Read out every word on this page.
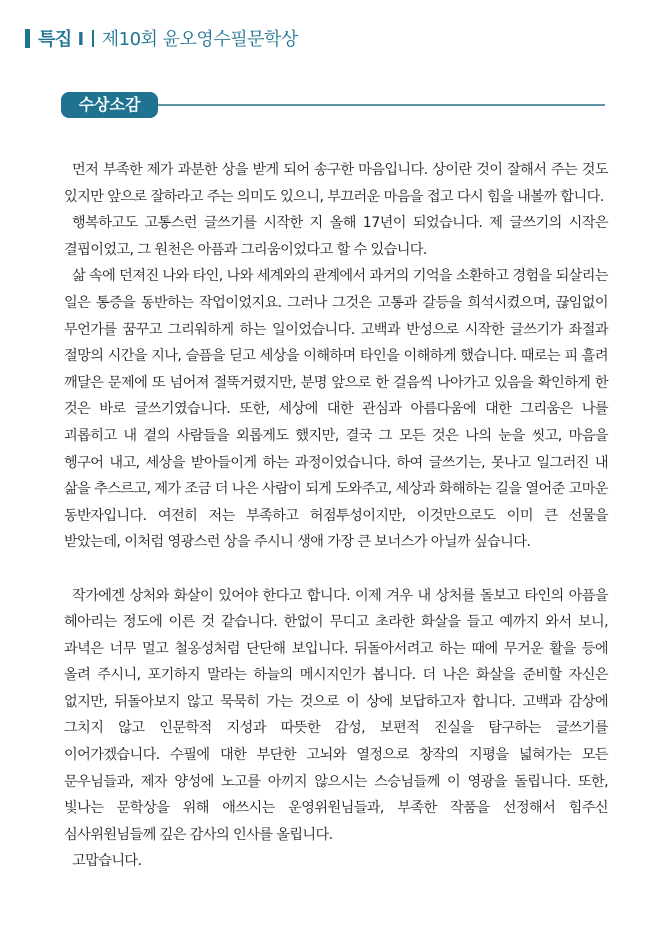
특집 I 제10회 윤오영수필문학상
수상소감

먼저 부족한 제가 과분한 상을 받게 되어 송구한 마음입니다. 상이란 것이 잘해서 주는 것도 있지만 앞으로 잘하라고 주는 의미도 있으니, 부끄러운 마음을 접고 다시 힘을 내볼까 합니다.

행복하고도 고통스런 글쓰기를 시작한 지 올해 17년이 되었습니다. 제 글쓰기의 시작은 결핍이었고, 그 원천은 아픔과 그리움이었다고 할 수 있습니다.

삶 속에 던져진 나와 타인, 나와 세계와의 관계에서 과거의 기억을 소환하고 경험을 되살리는 일은 통증을 동반하는 작업이었지요. 그러나 그것은 고통과 갈등을 희석시켰으며, 끊임없이 무언가를 꿈꾸고 그리워하게 하는 일이었습니다. 고백과 반성으로 시작한 글쓰기가 좌절과 절망의 시간을 지나, 슬픔을 딛고 세상을 이해하며 타인을 이해하게 했습니다. 때로는 피 흘려 깨달은 문제에 또 넘어져 절뚝거렸지만, 분명 앞으로 한 걸음씩 나아가고 있음을 확인하게 한 것은 바로 글쓰기였습니다. 또한, 세상에 대한 관심과 아름다움에 대한 그리움은 나를 괴롭히고 내 곁의 사람들을 외롭게도 했지만, 결국 그 모든 것은 나의 눈을 씻고, 마음을 헹구어 내고, 세상을 받아들이게 하는 과정이었습니다. 하여 글쓰기는, 못나고 일그러진 내 삶을 추스르고, 제가 조금 더 나은 사람이 되게 도와주고, 세상과 화해하는 길을 열어준 고마운 동반자입니다. 여전히 저는 부족하고 허점투성이지만, 이것만으로도 이미 큰 선물을 받았는데, 이처럼 영광스런 상을 주시니 생애 가장 큰 보너스가 아닐까 싶습니다.

작가에겐 상처와 화살이 있어야 한다고 합니다. 이제 겨우 내 상처를 돌보고 타인의 아픔을 헤아리는 정도에 이른 것 같습니다. 한없이 무디고 초라한 화살을 들고 예까지 와서 보니, 과녁은 너무 멀고 철옹성처럼 단단해 보입니다. 뒤돌아서려고 하는 때에 무거운 활을 등에 올려 주시니, 포기하지 말라는 하늘의 메시지인가 봅니다. 더 나은 화살을 준비할 자신은 없지만, 뒤돌아보지 않고 묵묵히 가는 것으로 이 상에 보답하고자 합니다. 고백과 감상에 그치지 않고 인문학적 지성과 따뜻한 감성, 보편적 진실을 탐구하는 글쓰기를 이어가겠습니다. 수필에 대한 부단한 고뇌와 열정으로 창작의 지평을 넓혀가는 모든 문우님들과, 제자 양성에 노고를 아끼지 않으시는 스승님들께 이 영광을 돌립니다. 또한, 빛나는 문학상을 위해 애쓰시는 운영위원님들과, 부족한 작품을 선정해서 힘주신 심사위원님들께 깊은 감사의 인사를 올립니다.

고맙습니다.
